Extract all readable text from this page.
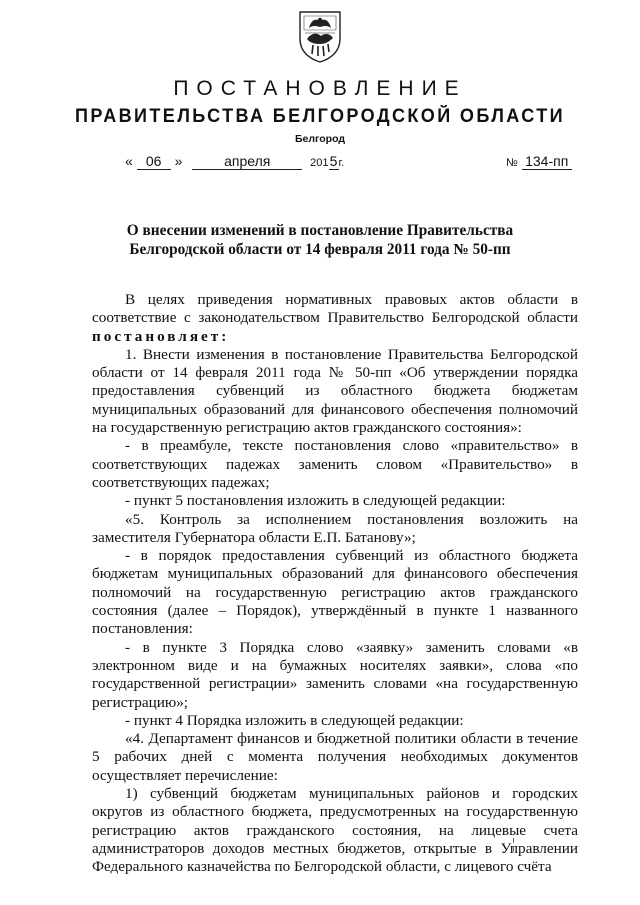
ПОСТАНОВЛЕНИЕ
ПРАВИТЕЛЬСТВА БЕЛГОРОДСКОЙ ОБЛАСТИ
Белгород
« 06 »	апреля	2015г.	№ 134-пп
О внесении изменений в постановление Правительства
Белгородской области от 14 февраля 2011 года № 50-пп

В целях приведения нормативных правовых актов области в соответствие с законодательством Правительство Белгородской области постановляет:

1. Внести изменения в постановление Правительства Белгородской области от 14 февраля 2011 года № 50-пп «Об утверждении порядка предоставления субвенций из областного бюджета бюджетам муниципальных образований для финансового обеспечения полномочий на государственную регистрацию актов гражданского состояния»:

- в преамбуле, тексте постановления слово «правительство» в соответствующих падежах заменить словом «Правительство» в соответствующих падежах;

- пункт 5 постановления изложить в следующей редакции:

«5. Контроль за исполнением постановления возложить на заместителя Губернатора области Е.П. Батанову»;

- в порядок предоставления субвенций из областного бюджета бюджетам муниципальных образований для финансового обеспечения полномочий на государственную регистрацию актов гражданского состояния (далее – Порядок), утверждённый в пункте 1 названного постановления:

- в пункте 3 Порядка слово «заявку» заменить словами «в электронном виде и на бумажных носителях заявки», слова «по государственной регистрации» заменить словами «на государственную регистрацию»;

- пункт 4 Порядка изложить в следующей редакции:

«4. Департамент финансов и бюджетной политики области в течение 5 рабочих дней с момента получения необходимых документов осуществляет перечисление:

1) субвенций бюджетам муниципальных районов и городских округов из областного бюджета, предусмотренных на государственную регистрацию актов гражданского состояния, на лицевые счета администраторов доходов местных бюджетов, открытые в Управлении Федерального казначейства по Белгородской области, с лицевого счёта
